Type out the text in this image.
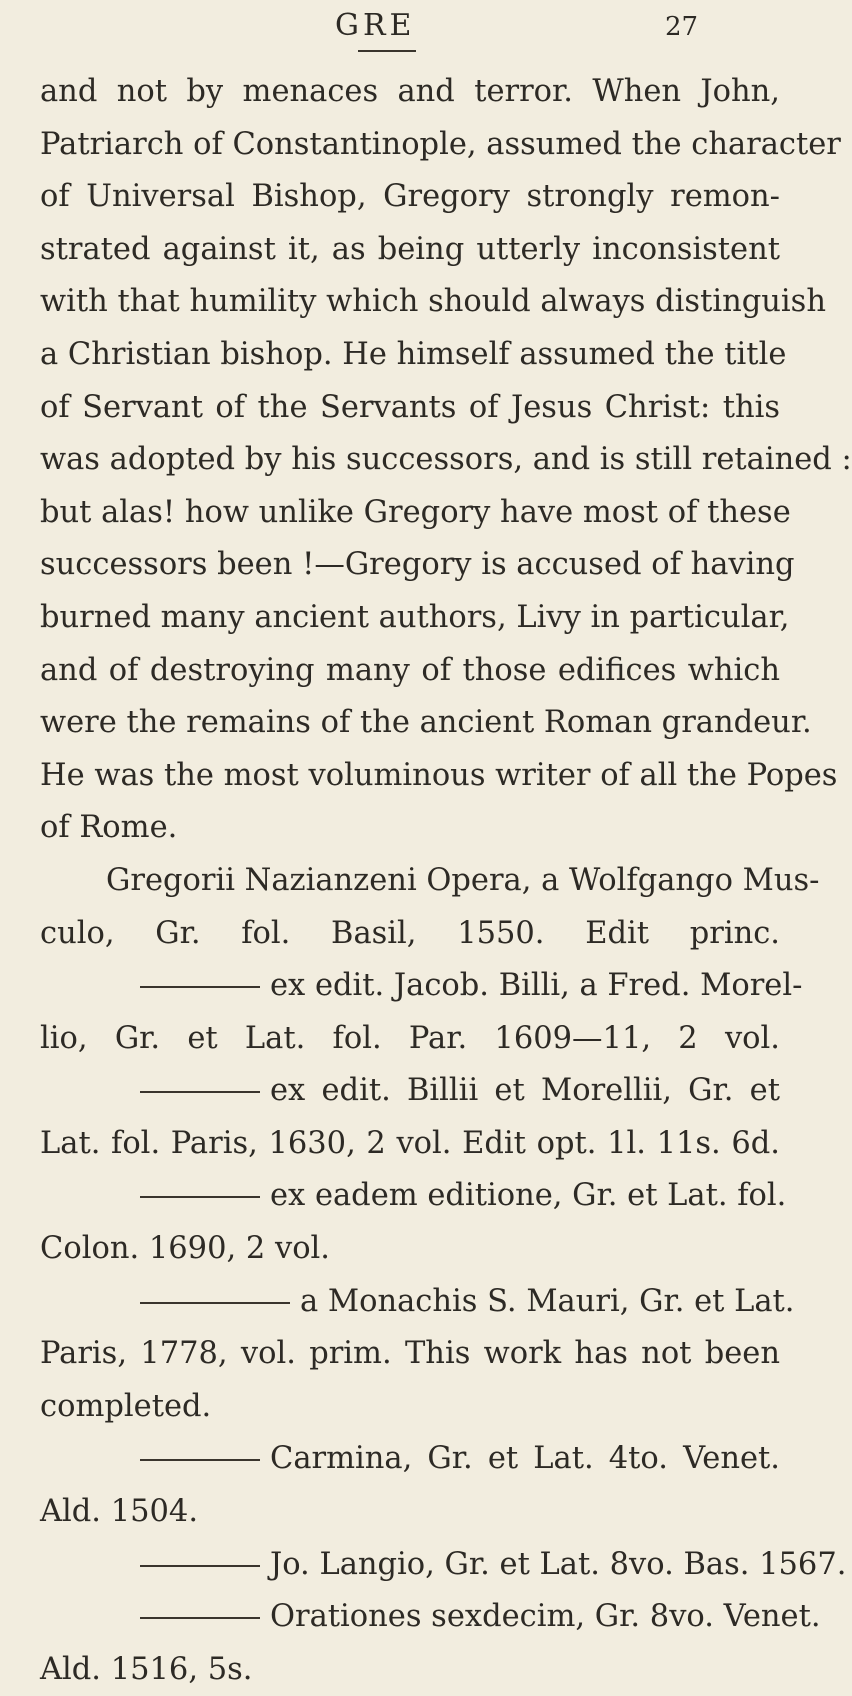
GRE	27
and not by menaces and terror. When John,
Patriarch of Constantinople, assumed the character
of Universal Bishop, Gregory strongly remon-
strated against it, as being utterly inconsistent
with that humility which should always distinguish
a Christian bishop. He himself assumed the title
of Servant of the Servants of Jesus Christ: this
was adopted by his successors, and is still retained :
but alas! how unlike Gregory have most of these
successors been !—Gregory is accused of having
burned many ancient authors, Livy in particular,
and of destroying many of those edifices which
were the remains of the ancient Roman grandeur.
He was the most voluminous writer of all the Popes
of Rome.
Gregorii Nazianzeni Opera, a Wolfgango Mus-
culo, Gr. fol. Basil, 1550. Edit princ.
ex edit. Jacob. Billi, a Fred. Morel-
lio, Gr. et Lat. fol. Par. 1609—11, 2 vol.
ex edit. Billii et Morellii, Gr. et
Lat. fol. Paris, 1630, 2 vol. Edit opt. 1l. 11s. 6d.
ex eadem editione, Gr. et Lat. fol.
Colon. 1690, 2 vol.
a Monachis S. Mauri, Gr. et Lat.
Paris, 1778, vol. prim. This work has not been
completed.
Carmina, Gr. et Lat. 4to. Venet.
Ald. 1504.
Jo. Langio, Gr. et Lat. 8vo. Bas. 1567.
Orationes sexdecim, Gr. 8vo. Venet.
Ald. 1516, 5s.
